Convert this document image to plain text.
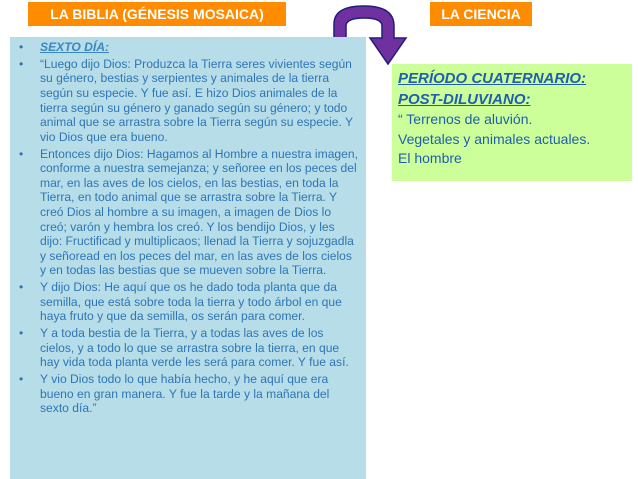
LA BIBLIA (GÉNESIS MOSAICA)	LA CIENCIA
• SEXTO DÍA:
• “Luego dijo Dios: Produzca la Tierra seres vivientes según su género, bestias y serpientes y animales de la tierra según su especie. Y fue así. E hizo Dios animales de la tierra según su género y ganado según su género; y todo animal que se arrastra sobre la Tierra según su especie. Y vio Dios que era bueno.
• Entonces dijo Dios: Hagamos al Hombre a nuestra imagen, conforme a nuestra semejanza; y señoree en los peces del mar, en las aves de los cielos, en las bestias, en toda la Tierra, en todo animal que se arrastra sobre la Tierra. Y creó Dios al hombre a su imagen, a imagen de Dios lo creó; varón y hembra los creó. Y los bendijo Dios, y les dijo: Fructificad y multiplicaos; llenad la Tierra y sojuzgadla y señoread en los peces del mar, en las aves de los cielos y en todas las bestias que se mueven sobre la Tierra.
• Y dijo Dios: He aquí que os he dado toda planta que da semilla, que está sobre toda la tierra y todo árbol en que haya fruto y que da semilla, os serán para comer.
• Y a toda bestia de la Tierra, y a todas las aves de los cielos, y a todo lo que se arrastra sobre la tierra, en que hay vida toda planta verde les será para comer. Y fue así.
• Y vio Dios todo lo que había hecho, y he aquí que era bueno en gran manera. Y fue la tarde y la mañana del sexto día.”
PERÍODO CUATERNARIO:
POST-DILUVIANO:
“ Terrenos de aluvión.
Vegetales y animales actuales.
El hombre
